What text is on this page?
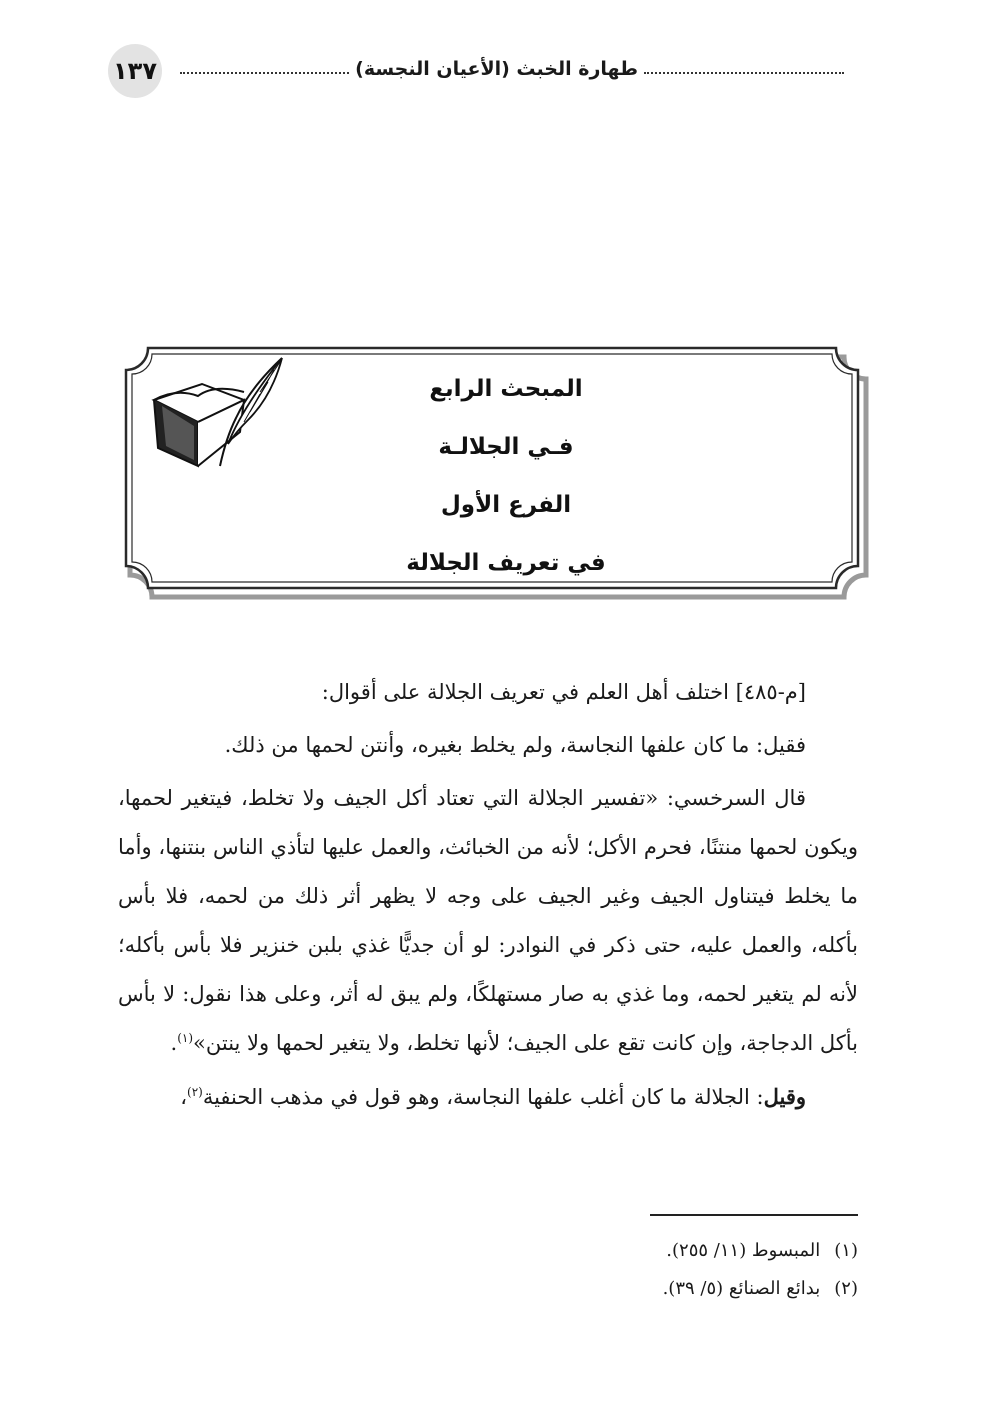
١٣٧	طهارة الخبث (الأعيان النجسة)
المبحث الرابع
فـي الجلالـة
الفرع الأول
في تعريف الجلالة

[م-٤٨٥] اختلف أهل العلم في تعريف الجلالة على أقوال:

فقيل: ما كان علفها النجاسة، ولم يخلط بغيره، وأنتن لحمها من ذلك.

قال السرخسي: «تفسير الجلالة التي تعتاد أكل الجيف ولا تخلط، فيتغير لحمها، ويكون لحمها منتنًا، فحرم الأكل؛ لأنه من الخبائث، والعمل عليها لتأذي الناس بنتنها، وأما ما يخلط فيتناول الجيف وغير الجيف على وجه لا يظهر أثر ذلك من لحمه، فلا بأس بأكله، والعمل عليه، حتى ذكر في النوادر: لو أن جديًّا غذي بلبن خنزير فلا بأس بأكله؛ لأنه لم يتغير لحمه، وما غذي به صار مستهلكًا، ولم يبق له أثر، وعلى هذا نقول: لا بأس بأكل الدجاجة، وإن كانت تقع على الجيف؛ لأنها تخلط، ولا يتغير لحمها ولا ينتن»$^{(١)}$.

وقيل: الجلالة ما كان أغلب علفها النجاسة، وهو قول في مذهب الحنفية$^{(٢)}$،

(١)
المبسوط (١١/ ٢٥٥).
(٢)
بدائع الصنائع (٥/ ٣٩).
